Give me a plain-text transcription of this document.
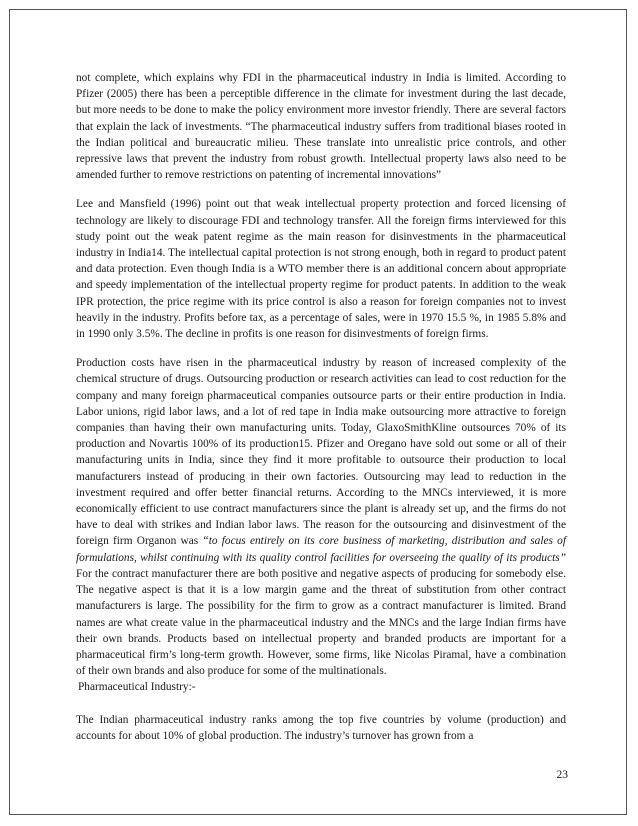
not complete, which explains why FDI in the pharmaceutical industry in India is limited. According to Pfizer (2005) there has been a perceptible difference in the climate for investment during the last decade, but more needs to be done to make the policy environment more investor friendly. There are several factors that explain the lack of investments. “The pharmaceutical industry suffers from traditional biases rooted in the Indian political and bureaucratic milieu. These translate into unrealistic price controls, and other repressive laws that prevent the industry from robust growth. Intellectual property laws also need to be amended further to remove restrictions on patenting of incremental innovations”

Lee and Mansfield (1996) point out that weak intellectual property protection and forced licensing of technology are likely to discourage FDI and technology transfer. All the foreign firms interviewed for this study point out the weak patent regime as the main reason for disinvestments in the pharmaceutical industry in India14. The intellectual capital protection is not strong enough, both in regard to product patent and data protection. Even though India is a WTO member there is an additional concern about appropriate and speedy implementation of the intellectual property regime for product patents. In addition to the weak IPR protection, the price regime with its price control is also a reason for foreign companies not to invest heavily in the industry. Profits before tax, as a percentage of sales, were in 1970 15.5 %, in 1985 5.8% and in 1990 only 3.5%. The decline in profits is one reason for disinvestments of foreign firms.

Production costs have risen in the pharmaceutical industry by reason of increased complexity of the chemical structure of drugs. Outsourcing production or research activities can lead to cost reduction for the company and many foreign pharmaceutical companies outsource parts or their entire production in India. Labor unions, rigid labor laws, and a lot of red tape in India make outsourcing more attractive to foreign companies than having their own manufacturing units. Today, GlaxoSmithKline outsources 70% of its production and Novartis 100% of its production15. Pfizer and Oregano have sold out some or all of their manufacturing units in India, since they find it more profitable to outsource their production to local manufacturers instead of producing in their own factories. Outsourcing may lead to reduction in the investment required and offer better financial returns. According to the MNCs interviewed, it is more economically efficient to use contract manufacturers since the plant is already set up, and the firms do not have to deal with strikes and Indian labor laws. The reason for the outsourcing and disinvestment of the foreign firm Organon was “to focus entirely on its core business of marketing, distribution and sales of formulations, whilst continuing with its quality control facilities for overseeing the quality of its products” For the contract manufacturer there are both positive and negative aspects of producing for somebody else. The negative aspect is that it is a low margin game and the threat of substitution from other contract manufacturers is large. The possibility for the firm to grow as a contract manufacturer is limited. Brand names are what create value in the pharmaceutical industry and the MNCs and the large Indian firms have their own brands. Products based on intellectual property and branded products are important for a pharmaceutical firm’s long-term growth. However, some firms, like Nicolas Piramal, have a combination of their own brands and also produce for some of the multinationals.

Pharmaceutical Industry:-

The Indian pharmaceutical industry ranks among the top five countries by volume (production) and accounts for about 10% of global production. The industry’s turnover has grown from a

23
